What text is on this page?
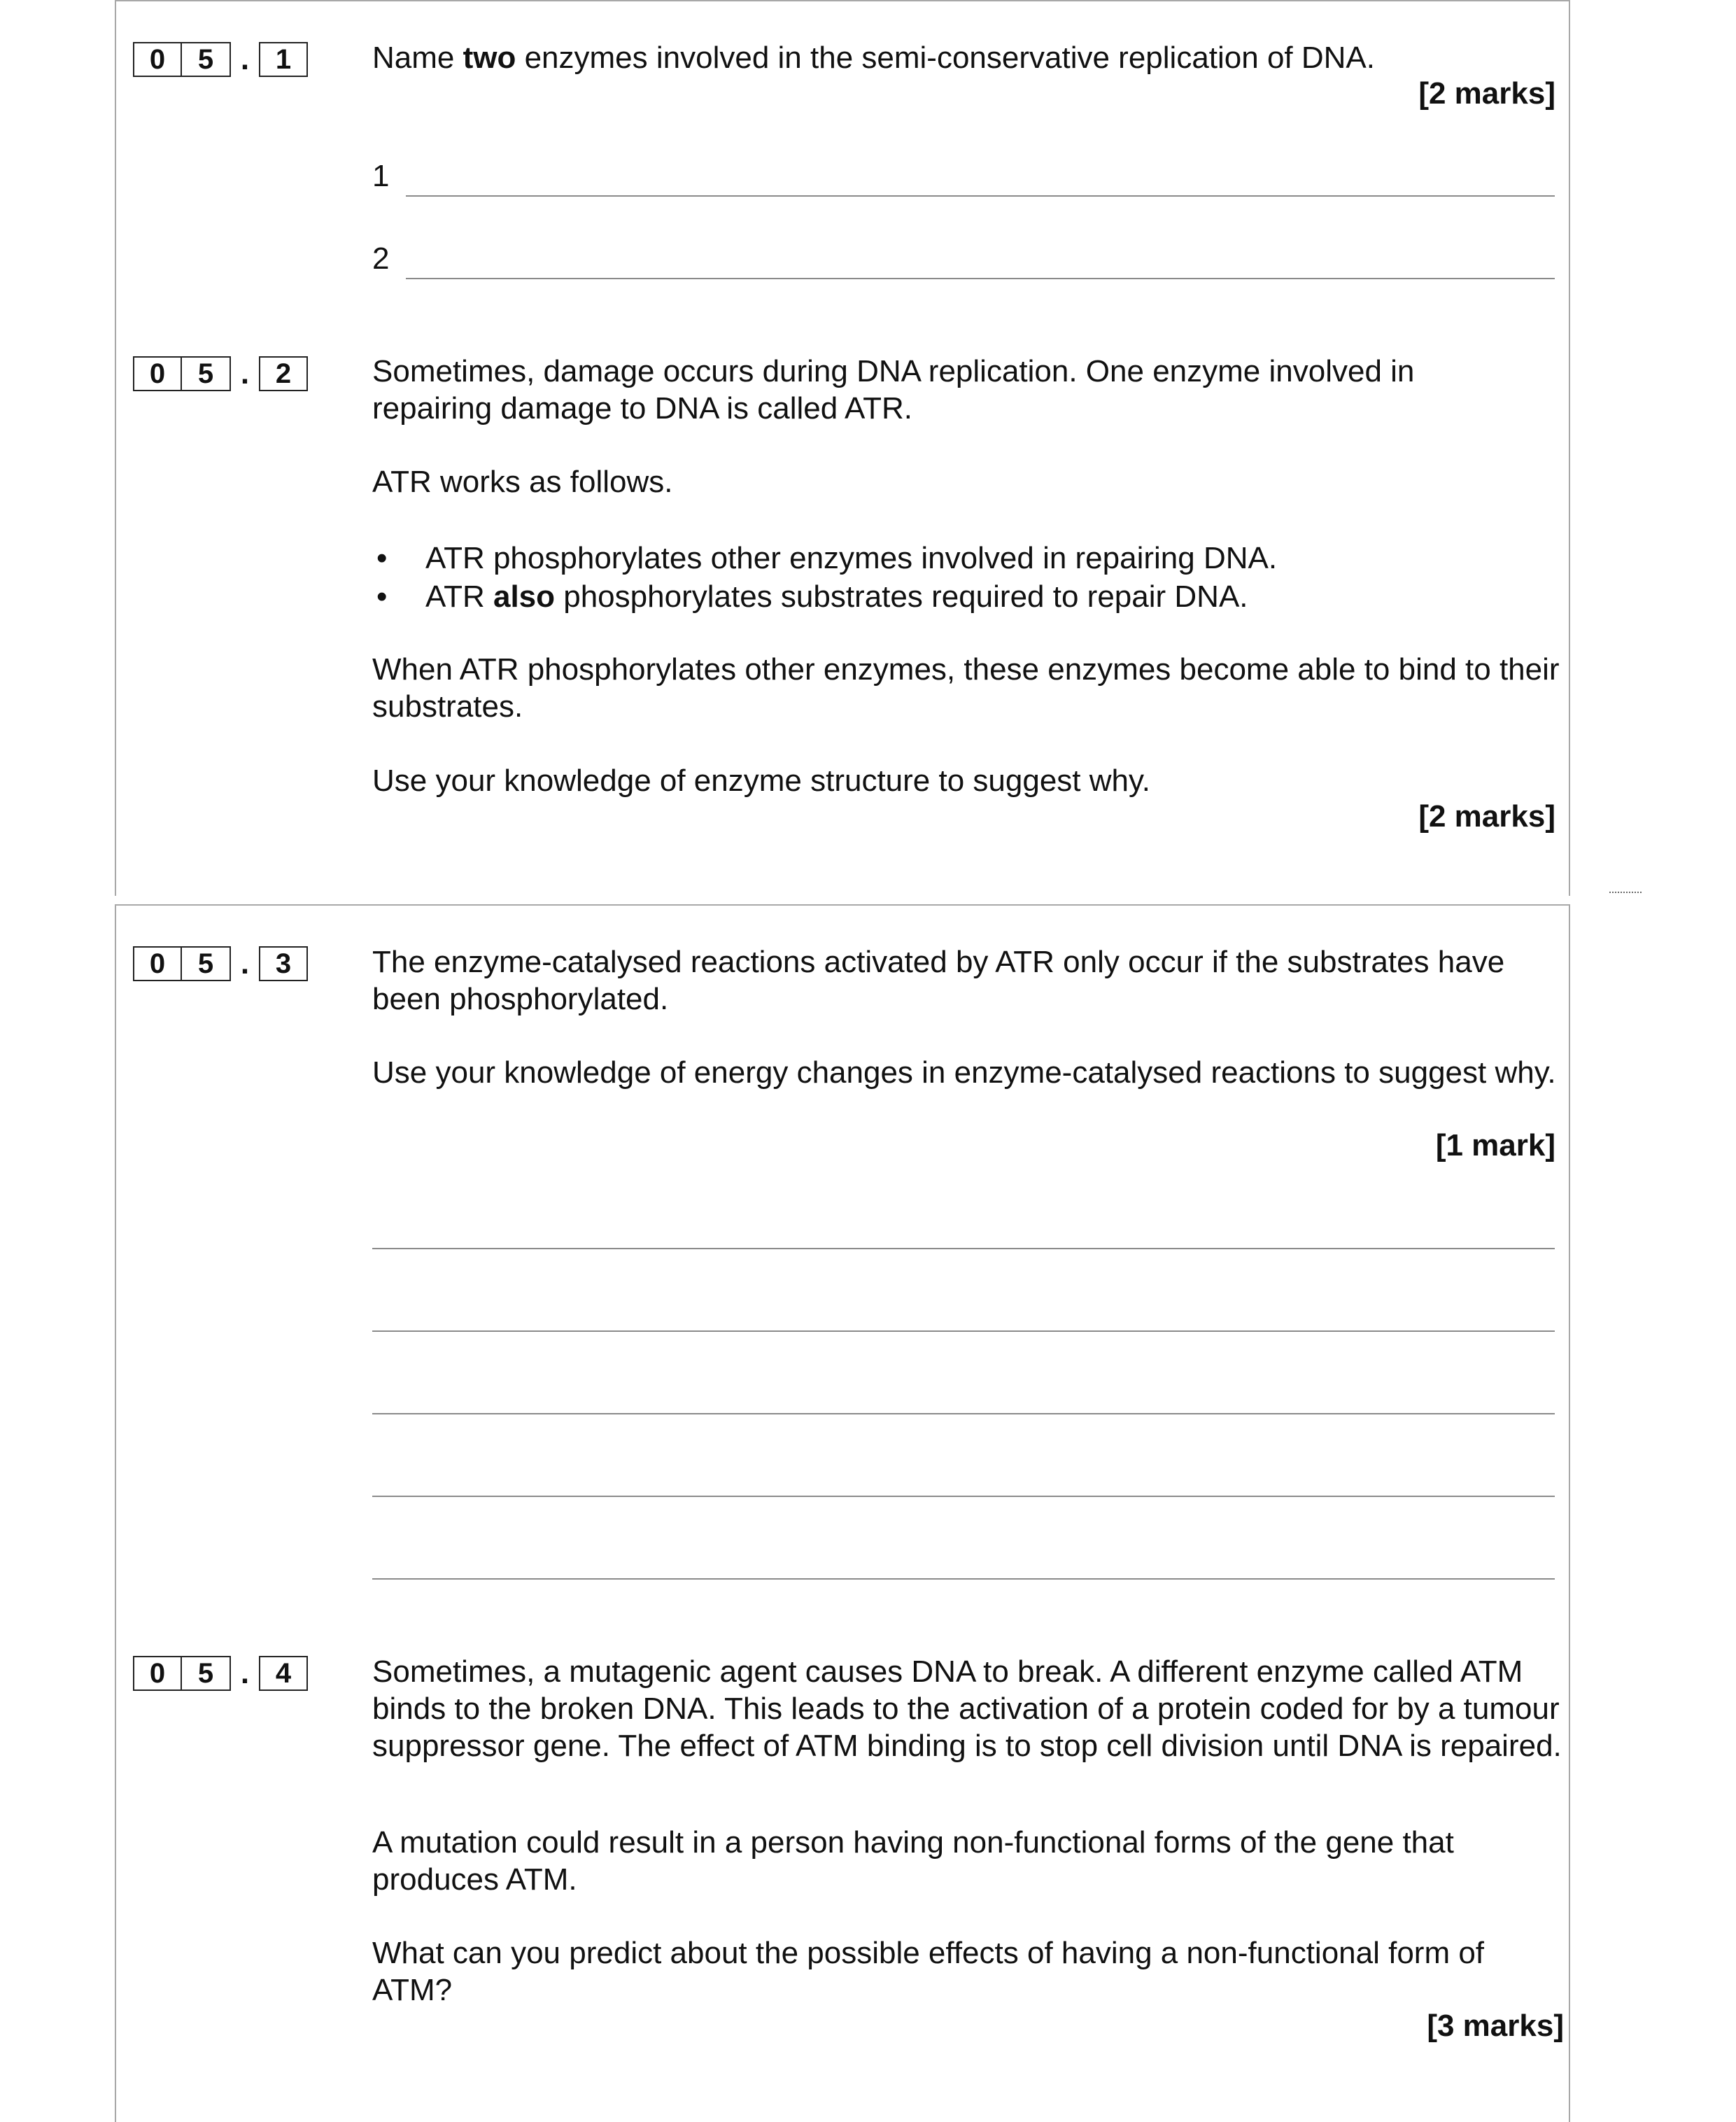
0	5 . 1	Name two enzymes involved in the semi-conservative replication of DNA.

[2 marks]
1
2
0	5 . 2	Sometimes, damage occurs during DNA replication. One enzyme involved in repairing damage to DNA is called ATR.

ATR works as follows.

• ATR phosphorylates other enzymes involved in repairing DNA.
• ATR also phosphorylates substrates required to repair DNA.

When ATR phosphorylates other enzymes, these enzymes become able to bind to their substrates.

Use your knowledge of enzyme structure to suggest why.

[2 marks]
0	5 . 3	The enzyme-catalysed reactions activated by ATR only occur if the substrates have been phosphorylated.

Use your knowledge of energy changes in enzyme-catalysed reactions to suggest why.

[1 mark]
0	5 . 4	Sometimes, a mutagenic agent causes DNA to break. A different enzyme called ATM binds to the broken DNA. This leads to the activation of a protein coded for by a tumour suppressor gene. The effect of ATM binding is to stop cell division until DNA is repaired.

A mutation could result in a person having non-functional forms of the gene that produces ATM.

What can you predict about the possible effects of having a non-functional form of ATM?

[3 marks]
